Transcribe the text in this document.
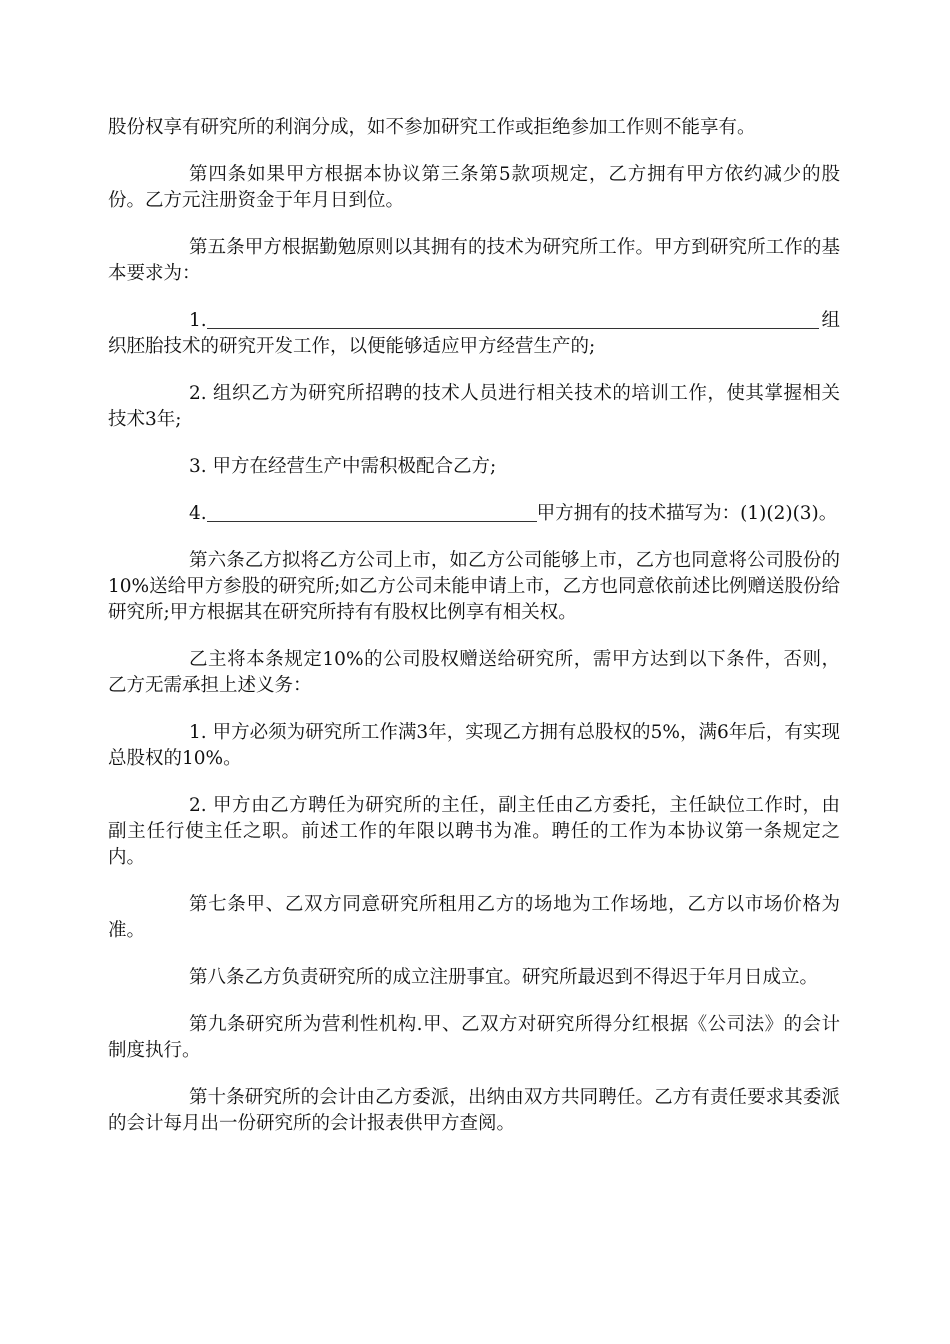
股份权享有研究所的利润分成，如不参加研究工作或拒绝参加工作则不能享有。

第四条如果甲方根据本协议第三条第5款项规定，乙方拥有甲方依约减少的股份。乙方元注册资金于年月日到位。

第五条甲方根据勤勉原则以其拥有的技术为研究所工作。甲方到研究所工作的基本要求为：

1.	组织胚胎技术的研究开发工作，以便能够适应甲方经营生产的;

2. 组织乙方为研究所招聘的技术人员进行相关技术的培训工作，使其掌握相关技术3年;

3. 甲方在经营生产中需积极配合乙方;

4.	甲方拥有的技术描写为：(1)(2)(3)。

第六条乙方拟将乙方公司上市，如乙方公司能够上市，乙方也同意将公司股份的10%送给甲方参股的研究所;如乙方公司未能申请上市，乙方也同意依前述比例赠送股份给研究所;甲方根据其在研究所持有有股权比例享有相关权。

乙主将本条规定10%的公司股权赠送给研究所，需甲方达到以下条件，否则，乙方无需承担上述义务：

1. 甲方必须为研究所工作满3年，实现乙方拥有总股权的5%，满6年后，有实现总股权的10%。

2. 甲方由乙方聘任为研究所的主任，副主任由乙方委托，主任缺位工作时，由副主任行使主任之职。前述工作的年限以聘书为准。聘任的工作为本协议第一条规定之内。

第七条甲、乙双方同意研究所租用乙方的场地为工作场地，乙方以市场价格为准。

第八条乙方负责研究所的成立注册事宜。研究所最迟到不得迟于年月日成立。

第九条研究所为营利性机构.甲、乙双方对研究所得分红根据《公司法》的会计制度执行。

第十条研究所的会计由乙方委派，出纳由双方共同聘任。乙方有责任要求其委派的会计每月出一份研究所的会计报表供甲方查阅。
